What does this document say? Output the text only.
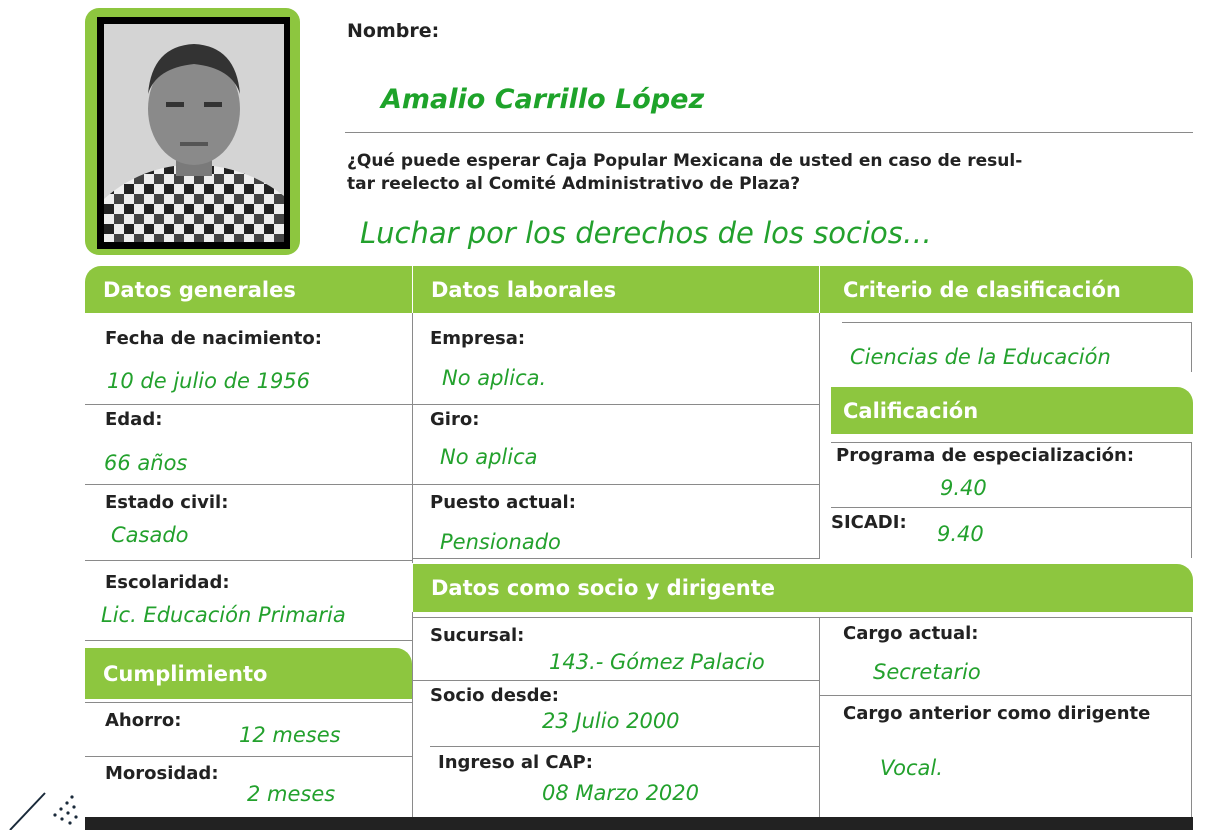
Nombre:
Amalio Carrillo López
¿Qué puede esperar Caja Popular Mexicana de usted en caso de resul-
tar reelecto al Comité Administrativo de Plaza?
Luchar por los derechos de los socios…
Datos generales	Datos laborales	Criterio de clasificación
Fecha de nacimiento:
10 de julio de 1956
Edad:
66 años
Estado civil:
Casado
Escolaridad:
Lic. Educación Primaria
Cumplimiento
Ahorro:
12 meses
Morosidad:
2 meses
Empresa:
No aplica.
Giro:
No aplica
Puesto actual:
Pensionado
Ciencias de la Educación
Calificación
Programa de especialización:
9.40
SICADI: 9.40
Datos como socio y dirigente
Sucursal:
143.- Gómez Palacio
Socio desde:
23 Julio 2000
Ingreso al CAP:
08 Marzo 2020
Cargo actual:
Secretario
Cargo anterior como dirigente
Vocal.
